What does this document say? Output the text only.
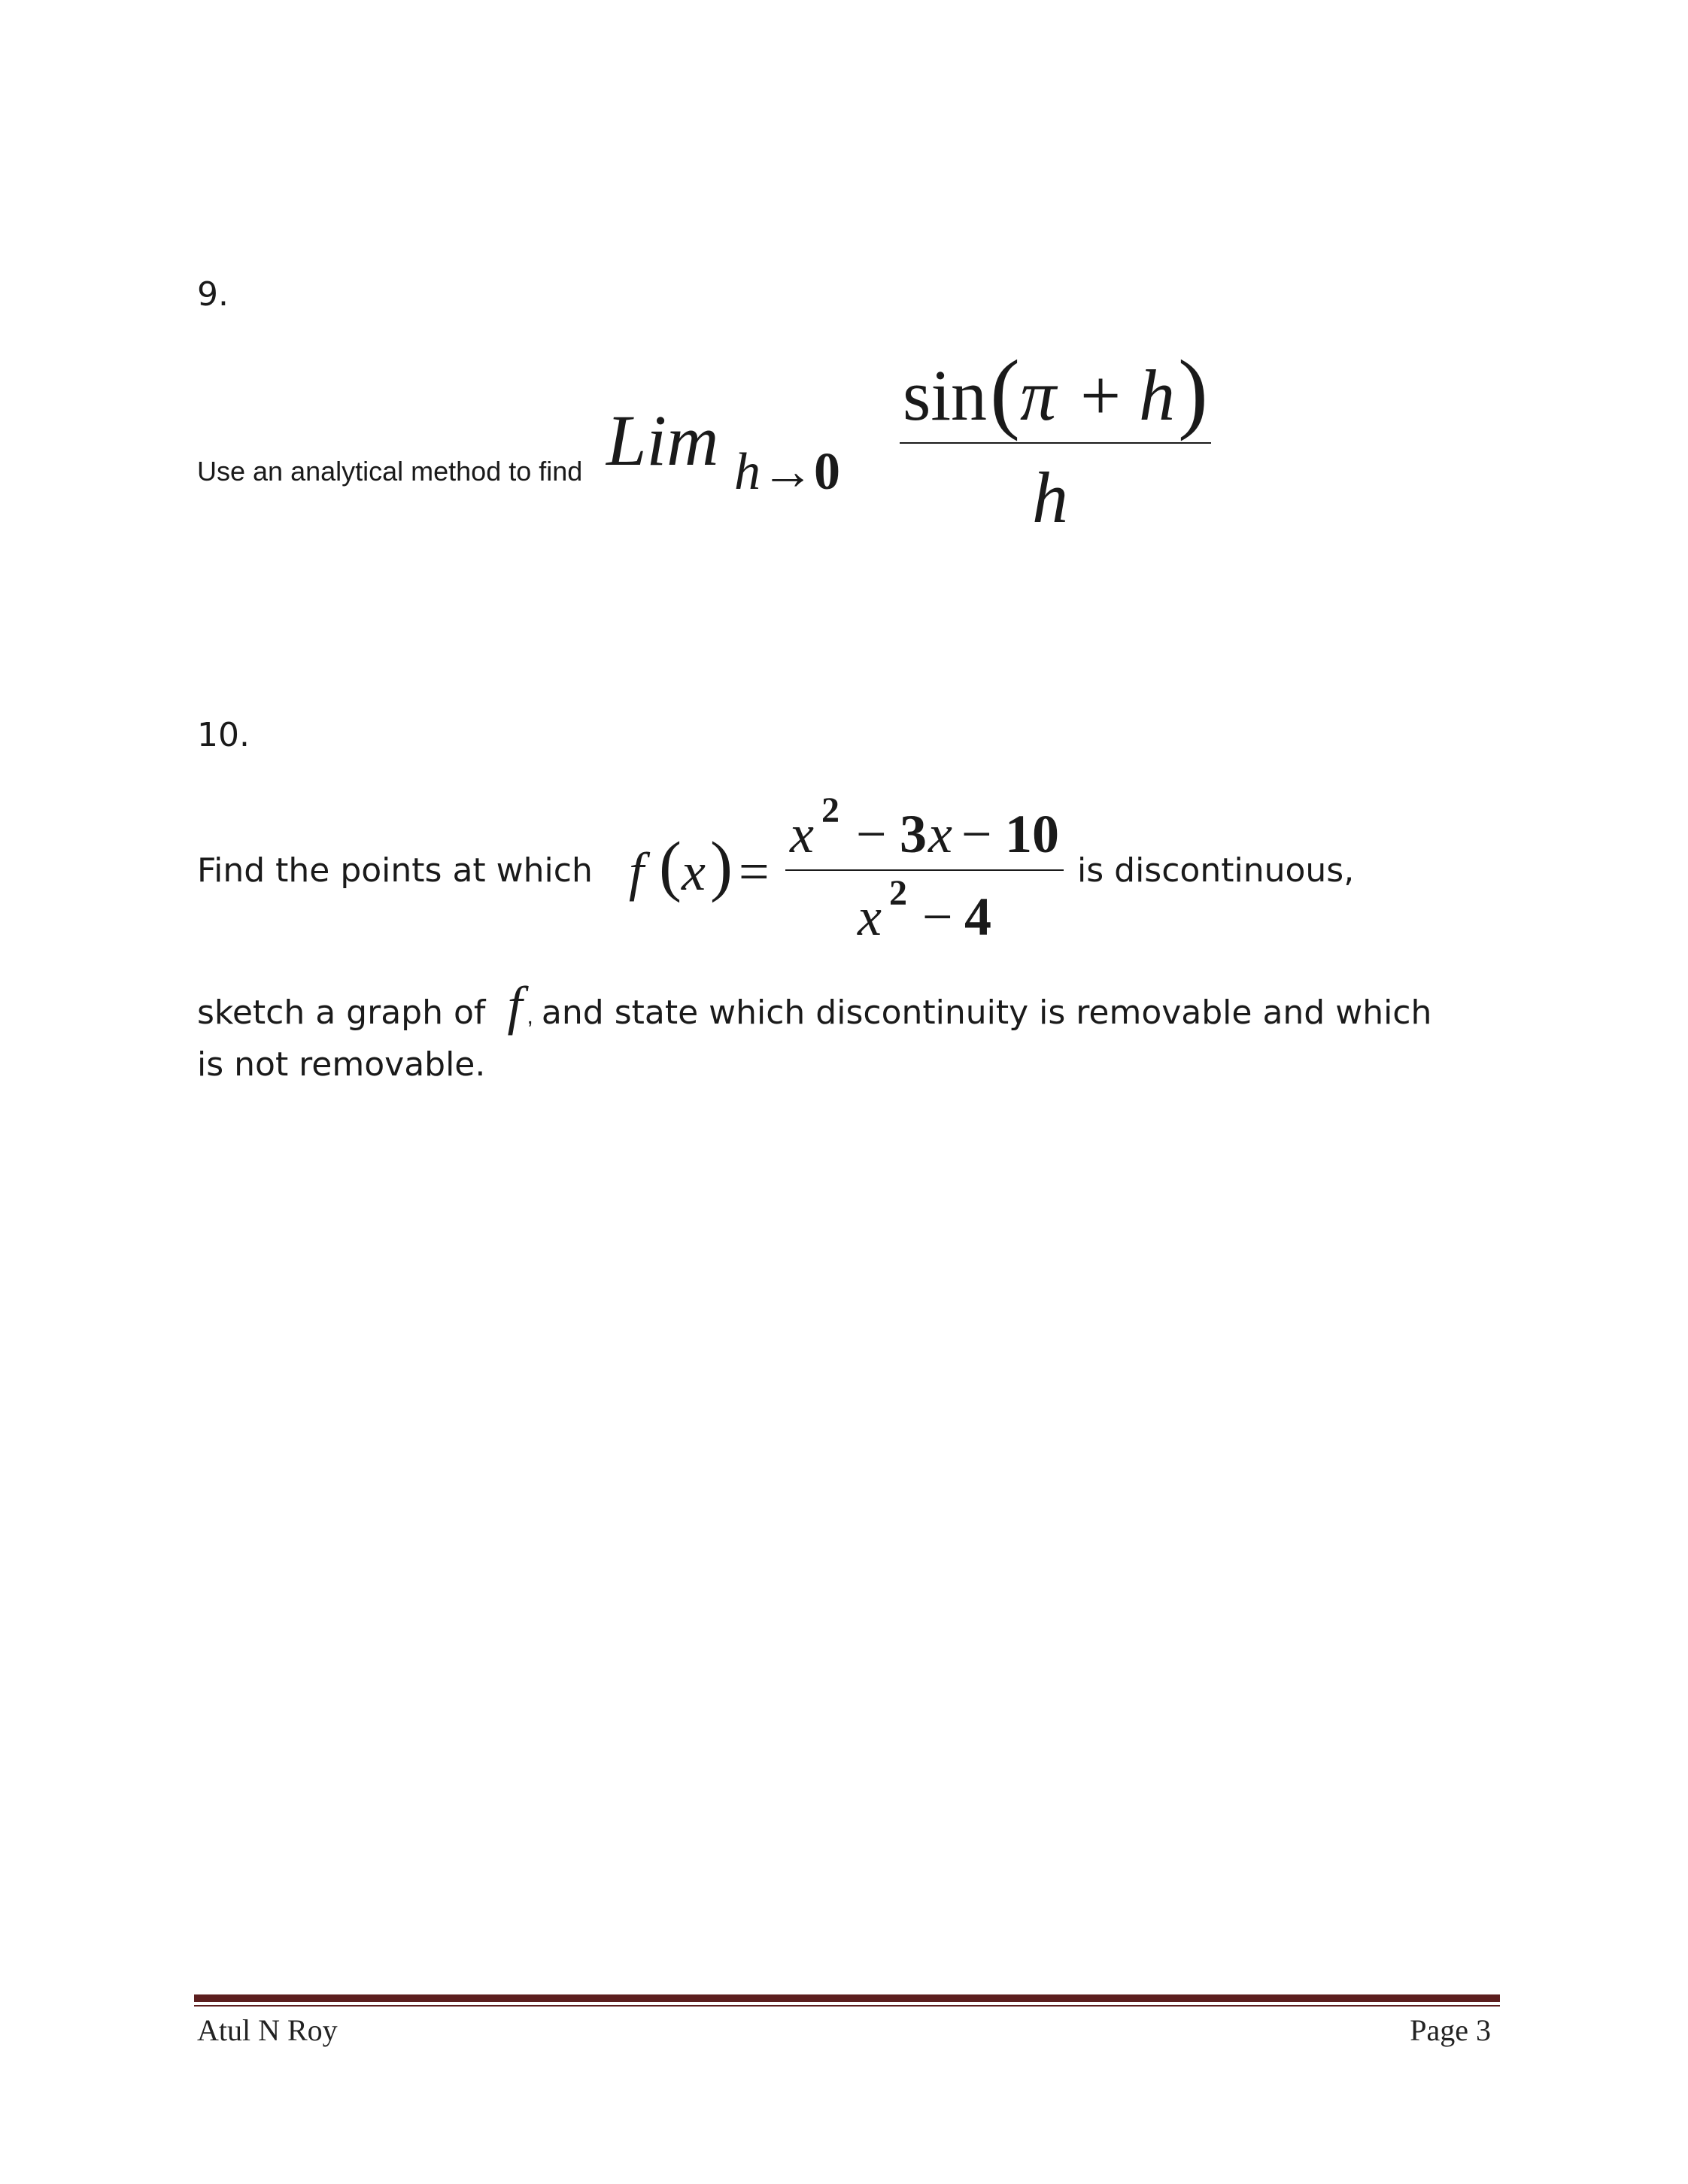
9.
Use an analytical method to find Lim h → 0
sin ( π + h )
h
10.
Find the points at which f ( x ) =
x 2 − 3 x − 10
x 2 − 4
is discontinuous,
sketch a graph of f , and state which discontinuity is removable and which
is not removable.
Atul N Roy	Page 3
